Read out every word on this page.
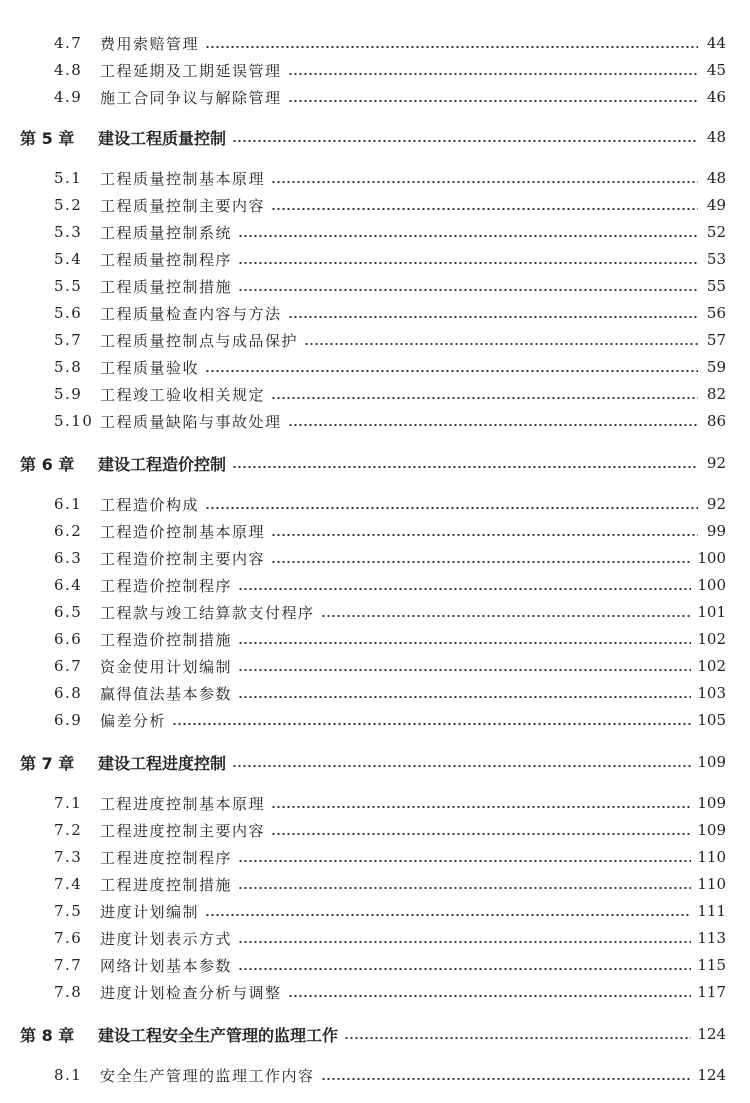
4.7	费用索赔管理	44
4.8	工程延期及工期延误管理	45
4.9	施工合同争议与解除管理	46
第 5 章	建设工程质量控制	48
5.1	工程质量控制基本原理	48
5.2	工程质量控制主要内容	49
5.3	工程质量控制系统	52
5.4	工程质量控制程序	53
5.5	工程质量控制措施	55
5.6	工程质量检查内容与方法	56
5.7	工程质量控制点与成品保护	57
5.8	工程质量验收	59
5.9	工程竣工验收相关规定	82
5.10 工程质量缺陷与事故处理	86
第 6 章	建设工程造价控制	92
6.1	工程造价构成	92
6.2	工程造价控制基本原理	99
6.3	工程造价控制主要内容	100
6.4	工程造价控制程序	100
6.5	工程款与竣工结算款支付程序	101
6.6	工程造价控制措施	102
6.7	资金使用计划编制	102
6.8	赢得值法基本参数	103
6.9	偏差分析	105
第 7 章	建设工程进度控制	109
7.1	工程进度控制基本原理	109
7.2	工程进度控制主要内容	109
7.3	工程进度控制程序	110
7.4	工程进度控制措施	110
7.5	进度计划编制	111
7.6	进度计划表示方式	113
7.7	网络计划基本参数	115
7.8	进度计划检查分析与调整	117
第 8 章	建设工程安全生产管理的监理工作	124
8.1	安全生产管理的监理工作内容	124
